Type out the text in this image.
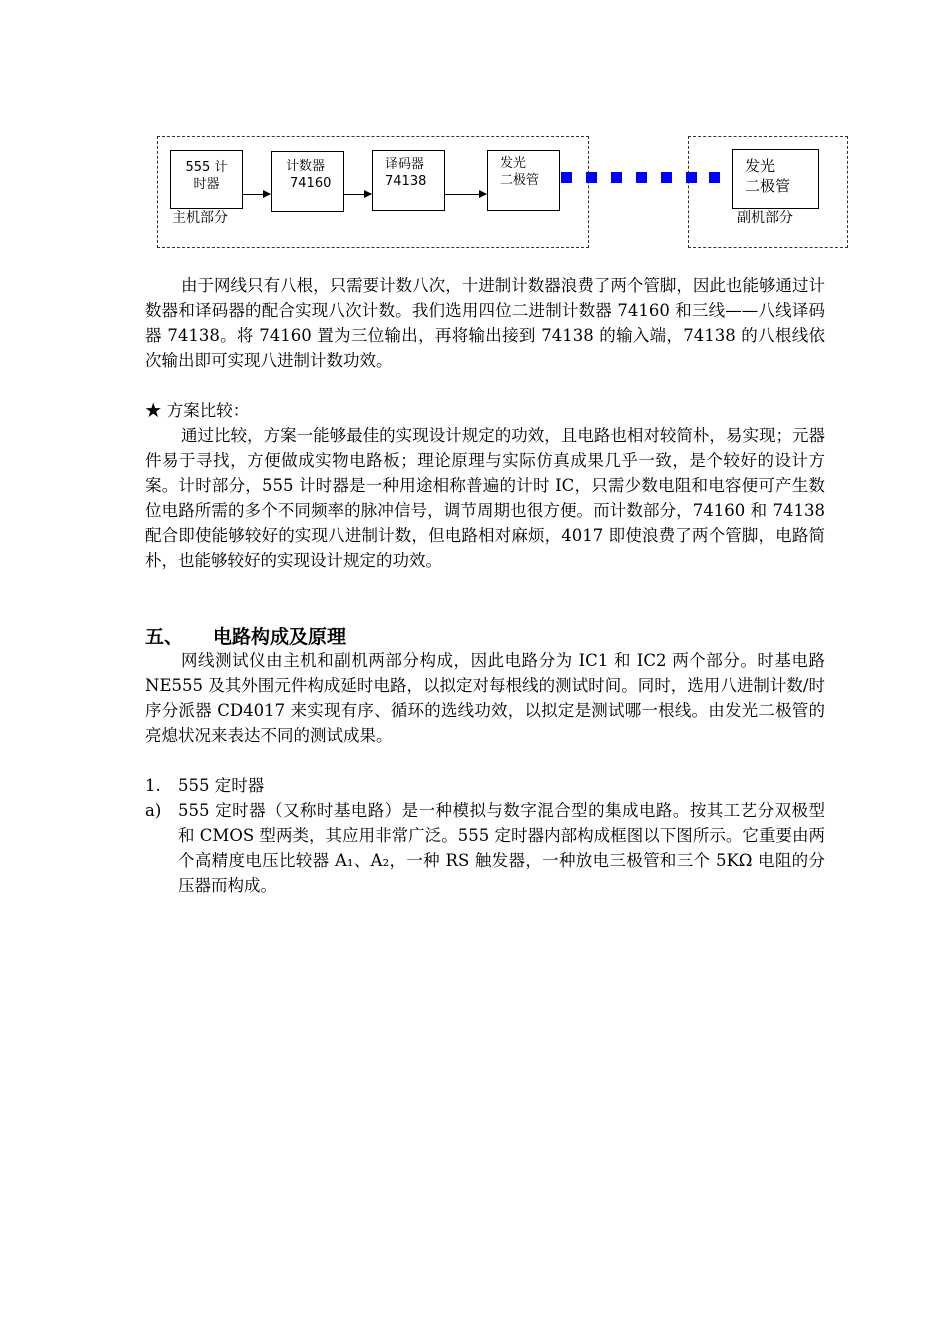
主机部分	副机部分
555 计
时器
计数器
74160
译码器
74138
发光
二极管
发光
二极管

由于网线只有八根，只需要计数八次，十进制计数器浪费了两个管脚，因此也能够通过计数器和译码器的配合实现八次计数。我们选用四位二进制计数器 74160 和三线——八线译码器 74138。将 74160 置为三位输出，再将输出接到 74138 的输入端，74138 的八根线依次输出即可实现八进制计数功效。

★ 方案比较：

通过比较，方案一能够最佳的实现设计规定的功效，且电路也相对较简朴，易实现；元器件易于寻找，方便做成实物电路板；理论原理与实际仿真成果几乎一致，是个较好的设计方案。计时部分，555 计时器是一种用途相称普遍的计时 IC，只需少数电阻和电容便可产生数位电路所需的多个不同频率的脉冲信号，调节周期也很方便。而计数部分，74160 和 74138 配合即使能够较好的实现八进制计数，但电路相对麻烦，4017 即使浪费了两个管脚，电路简朴，也能够较好的实现设计规定的功效。

五、 电路构成及原理

网线测试仪由主机和副机两部分构成，因此电路分为 IC1 和 IC2 两个部分。时基电路 NE555 及其外围元件构成延时电路，以拟定对每根线的测试时间。同时，选用八进制计数/时序分派器 CD4017 来实现有序、循环的选线功效，以拟定是测试哪一根线。由发光二极管的亮熄状况来表达不同的测试成果。

1. 555 定时器
a) 555 定时器（又称时基电路）是一种模拟与数字混合型的集成电路。按其工艺分双极型和 CMOS 型两类，其应用非常广泛。555 定时器内部构成框图以下图所示。它重要由两个高精度电压比较器 A₁、A₂，一种 RS 触发器，一种放电三极管和三个 5KΩ 电阻的分压器而构成。
